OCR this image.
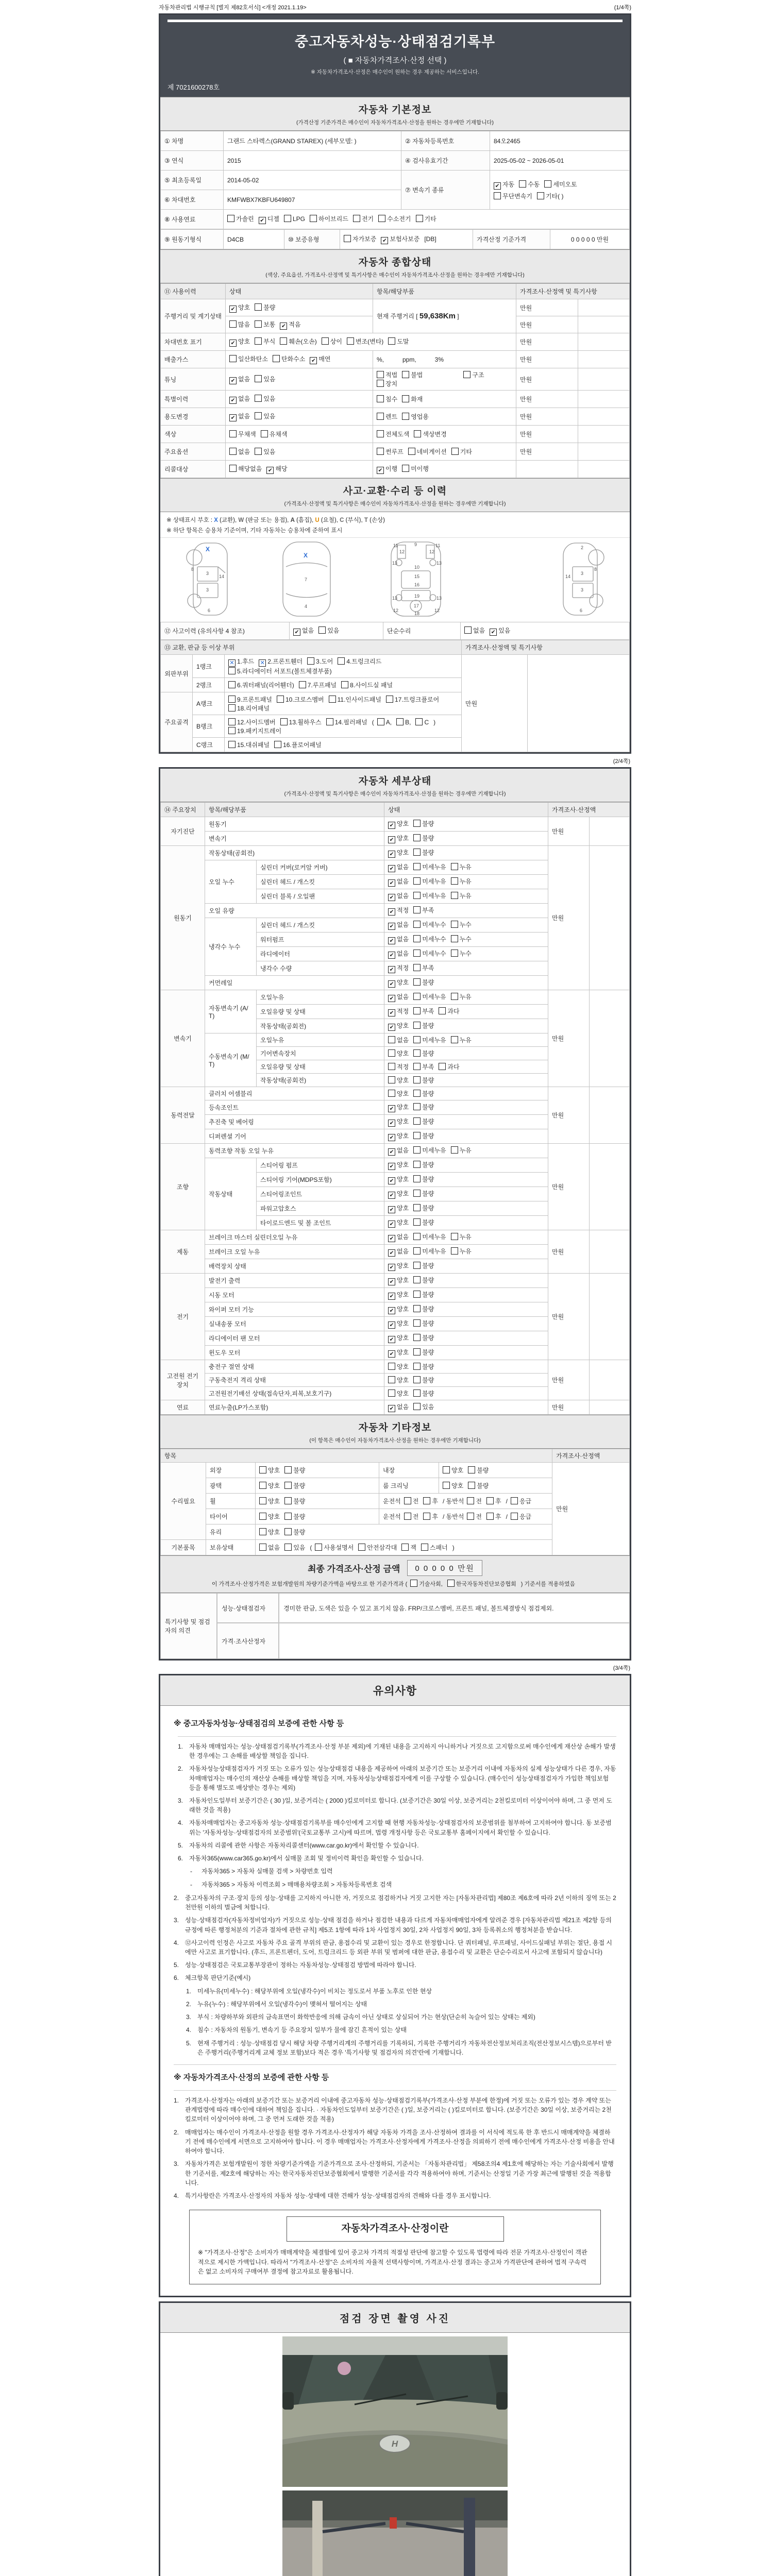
자동차관리법 시행규칙 [별지 제82호서식] <개정 2021.1.19>	(1/4쪽)
중고자동차성능·상태점검기록부
( ■ 자동차가격조사·산정 선택 )
※ 자동차가격조사·산정은 매수인이 원하는 경우 제공하는 서비스입니다.
제 7021600278호
자동차 기본정보
(가격산정 기준가격은 매수인이 자동차가격조사·산정을 원하는 경우에만 기재합니다)
① 차명	그랜드 스타렉스(GRAND STAREX) (세부모델: )	② 자동차등록번호	84오2465
③ 연식	2015	④ 검사유효기간	2025-05-02 ~ 2026-05-01
⑤ 최초등록일	2014-05-02	⑦ 변속기 종류	✔ 자동 수동 세미오토
무단변속기 기타( )

⑥ 차대번호	KMFWBX7KBFU649807		
⑧ 사용연료	가솔린 ✔ 디젤 LPG 하이브리드 전기 수소전기 기타		
⑨ 원동기형식	D4CB	⑩ 보증유형	자가보증 ✔ 보험사보증 [DB]	가격산정 기준가격	0 0 0 0 0 만원
자동차 종합상태
(색상, 주요옵션, 가격조사·산정액 및 특기사항은 매수인이 자동차가격조사·산정을 원하는 경우에만 기재합니다)
⑪ 사용이력	상태	항목/해당부품	가격조사·산정액 및 특기사항	
주행거리 및 계기상태	✔ 양호 불량	현재 주행거리 [ 59,638Km ]	만원	
	많음 보통 ✔ 적음		만원	
차대번호 표기	✔ 양호 부식 훼손(오손) 상이 변조(변타) 도말		만원	
배출가스	일산화탄소 탄화수소 ✔ 매연	%,　　　ppm,　　　3%	만원	
튜닝	✔ 없음 있음	적법 불법 구조장치	만원	
특별이력	✔ 없음 있음	침수 화재	만원	
용도변경	✔ 없음 있음	렌트 영업용	만원	
색상	무채색 유채색	전체도색 색상변경	만원	
주요옵션	없음 있음	썬루프 네비게이션 기타	만원	
리콜대상	해당없음 ✔ 해당	✔ 이행 미이행		
사고·교환·수리 등 이력
(가격조사·산정액 및 특기사항은 매수인이 자동차가격조사·산정을 원하는 경우에만 기재합니다)
※ 상태표시 부호 : X (교환), W (판금 또는 용접), A (흠집), U (요철), C (부식), T (손상)
※ 하단 항목은 승용차 기준이며, 기타 자동차는 승용차에 준하여 표시
8
3
14
3
6
7
4
11	11
12	12
13	13
9
10
15
16
19
17
18
13	13
12	12
2
8
3
14
3
6
X
X
⑫ 사고이력 (유의사항 4 참조)	✔ 없음 있음	단순수리	없음 ✔ 있음
⑬ 교환, 판금 등 이상 부위			가격조사·산정액 및 특기사항	
외판부위	1랭크	✕ 1.후드 ✕ 2.프론트휀더 3.도어 4.트렁크리드
5.라디에이터 서포트(볼트체결부품)	만원	
	2랭크	6.쿼터패널(리어휀더) 7.루프패널 8.사이드실 패널		
주요골격	A랭크	9.프론트패널 10.크로스멤버 11.인사이드패널 17.트렁크플로어
18.리어패널		
	B랭크	12.사이드멤버 13.휠하우스 14.필러패널 ( A, B, C )
19.패키지트레이		
	C랭크	15.대쉬패널 16.플로어패널		
(2/4쪽)
자동차 세부상태
(가격조사·산정액 및 특기사항은 매수인이 자동차가격조사·산정을 원하는 경우에만 기재합니다)
⑭ 주요장치	항목/해당부품		상태	가격조사·산정액	
자기진단	원동기		✔ 양호 불량	만원	
	변속기		✔ 양호 불량		
원동기	작동상태(공회전)		✔ 양호 불량	만원	
	오일 누수	실린더 커버(로커암 커버)	✔ 없음 미세누유 누유		
		실린더 헤드 / 개스킷	✔ 없음 미세누유 누유		
		실린더 블록 / 오일팬	✔ 없음 미세누유 누유		
	오일 유량		✔ 적정 부족		
	냉각수 누수	실린더 헤드 / 개스킷	✔ 없음 미세누수 누수		
		워터펌프	✔ 없음 미세누수 누수		
		라디에이터	✔ 없음 미세누수 누수		
		냉각수 수량	✔ 적정 부족		
	커먼레일		✔ 양호 불량		
변속기	자동변속기 (A/T)	오일누유	✔ 없음 미세누유 누유	만원	
		오일유량 및 상태	✔ 적정 부족 과다		
		작동상태(공회전)	✔ 양호 불량		
	수동변속기 (M/T)	오일누유	없음 미세누유 누유		
		기어변속장치	양호 불량		
		오일유량 및 상태	적정 부족 과다		
		작동상태(공회전)	양호 불량		
동력전달	클러치 어셈블리		양호 불량	만원	
	등속조인트		✔ 양호 불량		
	추진축 및 베어링		✔ 양호 불량		
	디퍼렌셜 기어		✔ 양호 불량		
조향	동력조향 작동 오일 누유		✔ 없음 미세누유 누유	만원	
	작동상태	스티어링 펌프	✔ 양호 불량		
		스티어링 기어(MDPS포함)	✔ 양호 불량		
		스티어링조인트	✔ 양호 불량		
		파워고압호스	✔ 양호 불량		
		타이로드엔드 및 볼 조인트	✔ 양호 불량		
제동	브레이크 마스터 실린더오일 누유		✔ 없음 미세누유 누유	만원	
	브레이크 오일 누유		✔ 없음 미세누유 누유		
	배력장치 상태		✔ 양호 불량		
전기	발전기 출력		✔ 양호 불량	만원	
	시동 모터		✔ 양호 불량		
	와이퍼 모터 기능		✔ 양호 불량		
	실내송풍 모터		✔ 양호 불량		
	라디에이터 팬 모터		✔ 양호 불량		
	윈도우 모터		✔ 양호 불량		
고전원 전기장치	충전구 절연 상태		양호 불량	만원	
	구동축전지 격리 상태		양호 불량		
	고전원전기배선 상태(접속단자,피복,보호기구)		양호 불량		
연료	연료누출(LP가스포함)		✔ 없음 있음	만원	
자동차 기타정보
(이 항목은 매수인이 자동차가격조사·산정을 원하는 경우에만 기재합니다)
항목					가격조사·산정액
수리필요	외장	양호 불량	내장	양호 불량	만원
	광택	양호 불량	룸 크리닝	양호 불량	
	휠	양호 불량	운전석 전 후 / 동반석 전 후 / 응급		
	타이어	양호 불량	운전석 전 후 / 동반석 전 후 / 응급		
	유리	양호 불량			
기본품목	보유상태	없음 있음 ( 사용설명서 안전삼각대 잭 스패너 )			
최종 가격조사·산정 금액	0 0 0 0 0 만원
이 가격조사·산정가격은 보험개발원의 차량기준가액을 바탕으로 한 기준가격과 ( 기술사회, 한국자동차진단보증협회 ) 기준서를 적용하였음
특기사항 및 점검자의 의견
성능·상태점검자	경미한 판금, 도색은 있을 수 있고 표기치 않음. FRP/크로스멤버, 프론트 패널, 볼트체결방식 점검제외.
가격·조사산정자
(3/4쪽)
유의사항
※ 중고자동차성능·상태점검의 보증에 관한 사항 등
1. 자동차 매매업자는 성능·상태점검기록부(가격조사·산정 부분 제외)에 기재된 내용을 고지하지 아니하거나 거짓으로 고지함으로써 매수인에게 재산상 손해가 발생한 경우에는 그 손해를 배상할 책임을 집니다.
2. 자동차성능상태점검자가 거짓 또는 오류가 있는 성능상태점검 내용을 제공하여 아래의 보증기간 또는 보증거리 이내에 자동차의 실제 성능상태가 다른 경우, 자동차매매업자는 매수인의 재산상 손해를 배상할 책임을 지며, 자동차성능상태점검자에게 이를 구상할 수 있습니다. (매수인이 성능상태점검자가 가입한 책임보험 등을 통해 별도로 배상받는 경우는 제외)
3. 자동차인도일부터 보증기간은 ( 30 )일, 보증거리는 ( 2000 )킬로미터로 합니다. (보증기간은 30일 이상, 보증거리는 2천킬로미터 이상이어야 하며, 그 중 먼저 도래한 것을 적용)
4. 자동차매매업자는 중고자동차 성능·상태점검기록부를 매수인에게 고지할 때 현행 자동차성능·상태점검자의 보증범위를 첨부하여 고지하여야 합니다. 동 보증범위는 '자동차성능·상태점검자의 보증범위'(국토교통부 고시)에 따르며, 법령 개정사항 등은 국토교통부 홈페이지에서 확인할 수 있습니다.
5. 자동차의 리콜에 관한 사항은 자동차리콜센터(www.car.go.kr)에서 확인할 수 있습니다.
6. 자동차365(www.car365.go.kr)에서 실매물 조회 및 정비이력 확인을 확인할 수 있습니다.
-	자동차365 > 자동차 실매물 검색 > 차량번호 입력
-	자동차365 > 자동차 이력조회 > 매매용차량조회 > 자동차등록번호 검색
2. 중고자동차의 구조·장치 등의 성능·상태를 고지하지 아니한 자, 거짓으로 점검하거나 거짓 고지한 자는 [자동차관리법] 제80조 제6호에 따라 2년 이하의 징역 또는 2천만원 이하의 벌금에 처합니다.
3. 성능·상태점검자(자동차정비업자)가 거짓으로 성능·상태 점검을 하거나 점검한 내용과 다르게 자동차매매업자에게 알려준 경우 [자동차관리법 제21조 제2항 등의 규정에 따른 행정처분의 기준과 절차에 관한 규칙] 제5조 1항에 따라 1차 사업정지 30일, 2차 사업정지 90일, 3차 등록취소의 행정처분을 받습니다.
4. ⑫사고이력 인정은 사고로 자동차 주요 골격 부위의 판금, 용접수리 및 교환이 있는 경우로 한정합니다. 단 쿼터패널, 루프패널, 사이드실패널 부위는 절단, 용접 시에만 사고로 표기합니다. (후드, 프론트펜더, 도어, 트렁크리드 등 외판 부위 및 범퍼에 대한 판금, 용접수리 및 교환은 단순수리로서 사고에 포함되지 않습니다)
5. 성능·상태점검은 국토교통부장관이 정하는 자동차성능·상태점검 방법에 따라야 합니다.
6. 체크항목 판단기준(예시)
1. 미세누유(미세누수) : 해당부위에 오일(냉각수)이 비치는 정도로서 부품 노후로 인한 현상
2. 누유(누수) : 해당부위에서 오일(냉각수)이 맺혀서 떨어지는 상태
3. 부식 : 차량하부와 외판의 금속표면이 화학반응에 의해 금속이 아닌 상태로 상실되어 가는 현상(단순히 녹슬어 있는 상태는 제외)
4. 침수 : 자동차의 원동기, 변속기 등 주요장치 일부가 물에 잠긴 흔적이 있는 상태
5. 현재 주행거리 : 성능·상태점검 당시 해당 차량 주행거리계의 주행거리를 기록하되, 기록한 주행거리가 자동차전산정보처리조직(전산정보시스템)으로부터 받은 주행거리(주행거리계 교체 정보 포함)보다 적은 경우 '특기사항 및 점검자의 의견'란에 기재합니다.
※ 자동차가격조사·산정의 보증에 관한 사항 등
1. 가격조사·산정자는 아래의 보증기간 또는 보증거리 이내에 중고자동차 성능·상태점검기록부(가격조사·산정 부분에 한정)에 거짓 또는 오류가 있는 경우 계약 또는 관계법령에 따라 매수인에 대하여 책임을 집니다. · 자동차인도일부터 보증기간은 ( )일, 보증거리는 ( )킬로미터로 합니다. (보증기간은 30일 이상, 보증거리는 2천킬로미터 이상이어야 하며, 그 중 먼저 도래한 것을 적용)
2. 매매업자는 매수인이 가격조사·산정을 원할 경우 가격조사·산정자가 해당 자동차 가격을 조사·산정하여 결과를 이 서식에 적도록 한 후 반드시 매매계약을 체결하기 전에 매수인에게 서면으로 고지하여야 합니다. 이 경우 매매업자는 가격조사·산정자에게 가격조사·산정을 의뢰하기 전에 매수인에게 가격조사·산정 비용을 안내하여야 합니다.
3. 자동차가격은 보험개발원이 정한 차량기준가액을 기준가격으로 조사·산정하되, 기준서는 「자동차관리법」 제58조의4 제1호에 해당하는 자는 기술사회에서 발행한 기준서를, 제2호에 해당하는 자는 한국자동차진단보증협회에서 발행한 기준서를 각각 적용하여야 하며, 기준서는 산정일 기준 가장 최근에 발행된 것을 적용합니다.
4. 특기사항란은 가격조사·산정자의 자동차 성능·상태에 대한 견해가 성능·상태점검자의 견해와 다를 경우 표시합니다.
자동차가격조사·산정이란
※ "가격조사·산정"은 소비자가 매매계약을 체결함에 있어 중고차 가격의 적절성 판단에 참고할 수 있도록 법령에 따라 전문 가격조사·산정인이 객관적으로 제시한 가액입니다. 따라서 "가격조사·산정"은 소비자의 자율적 선택사항이며, 가격조사·산정 결과는 중고차 가격판단에 관하여 법적 구속력은 없고 소비자의 구매여부 결정에 참고자료로 활용됩니다.
점검 장면 촬영 사진
H
